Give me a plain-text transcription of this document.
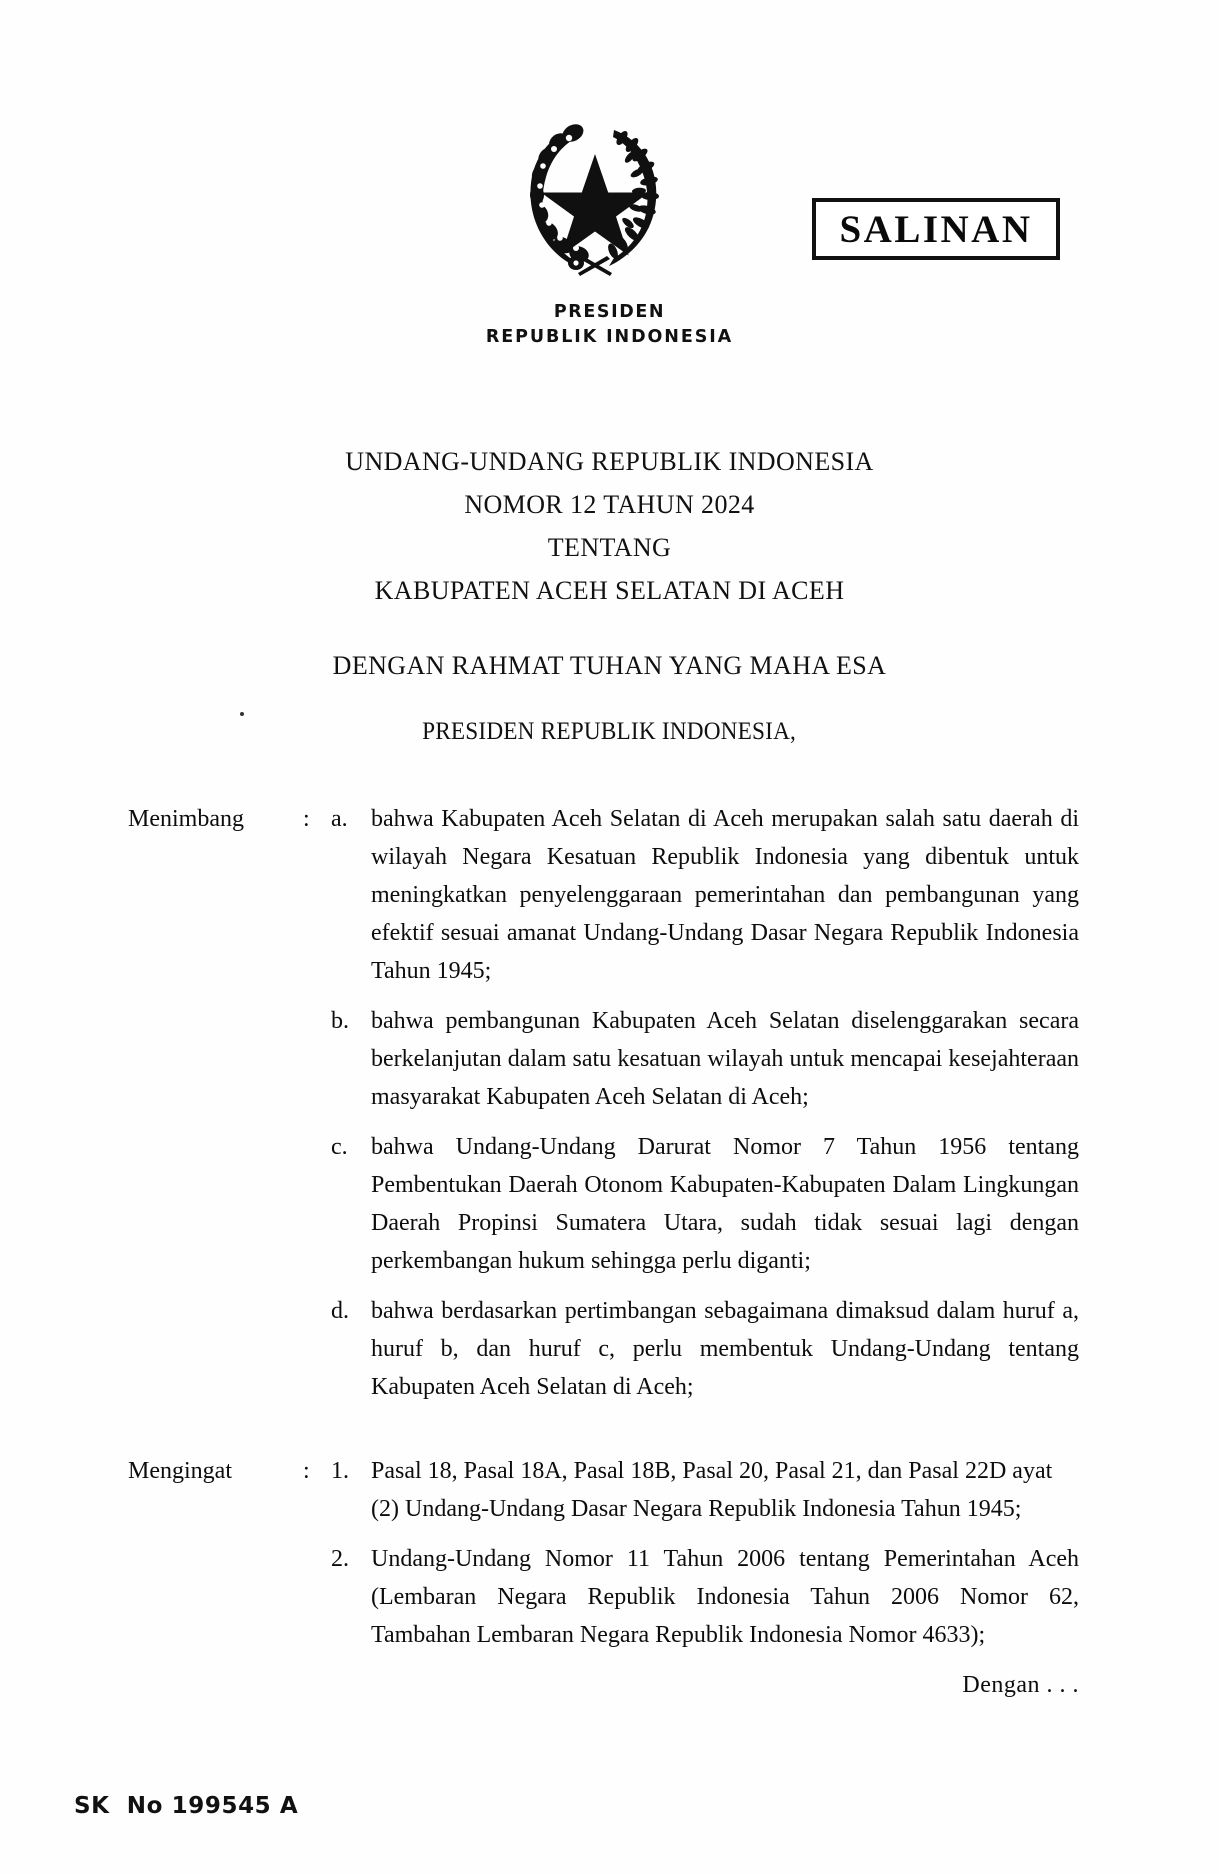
SALINAN
PRESIDEN
REPUBLIK INDONESIA
UNDANG-UNDANG REPUBLIK INDONESIA
NOMOR 12 TAHUN 2024
TENTANG
KABUPATEN ACEH SELATAN DI ACEH
DENGAN RAHMAT TUHAN YANG MAHA ESA
PRESIDEN REPUBLIK INDONESIA,
Menimbang	: a. bahwa Kabupaten Aceh Selatan di Aceh merupakan salah satu daerah di wilayah Negara Kesatuan Republik Indonesia yang dibentuk untuk meningkatkan penyelenggaraan pemerintahan dan pembangunan yang efektif sesuai amanat Undang-Undang Dasar Negara Republik Indonesia Tahun 1945;
b. bahwa pembangunan Kabupaten Aceh Selatan diselenggarakan secara berkelanjutan dalam satu kesatuan wilayah untuk mencapai kesejahteraan masyarakat Kabupaten Aceh Selatan di Aceh;
c. bahwa Undang-Undang Darurat Nomor 7 Tahun 1956 tentang Pembentukan Daerah Otonom Kabupaten-Kabupaten Dalam Lingkungan Daerah Propinsi Sumatera Utara, sudah tidak sesuai lagi dengan perkembangan hukum sehingga perlu diganti;
d. bahwa berdasarkan pertimbangan sebagaimana dimaksud dalam huruf a, huruf b, dan huruf c, perlu membentuk Undang-Undang tentang Kabupaten Aceh Selatan di Aceh;
Mengingat	: 1. Pasal 18, Pasal 18A, Pasal 18B, Pasal 20, Pasal 21, dan Pasal 22D ayat (2) Undang-Undang Dasar Negara Republik Indonesia Tahun 1945;
2. Undang-Undang Nomor 11 Tahun 2006 tentang Pemerintahan Aceh (Lembaran Negara Republik Indonesia Tahun 2006 Nomor 62, Tambahan Lembaran Negara Republik Indonesia Nomor 4633);
Dengan . . .
SK  No 199545 A
